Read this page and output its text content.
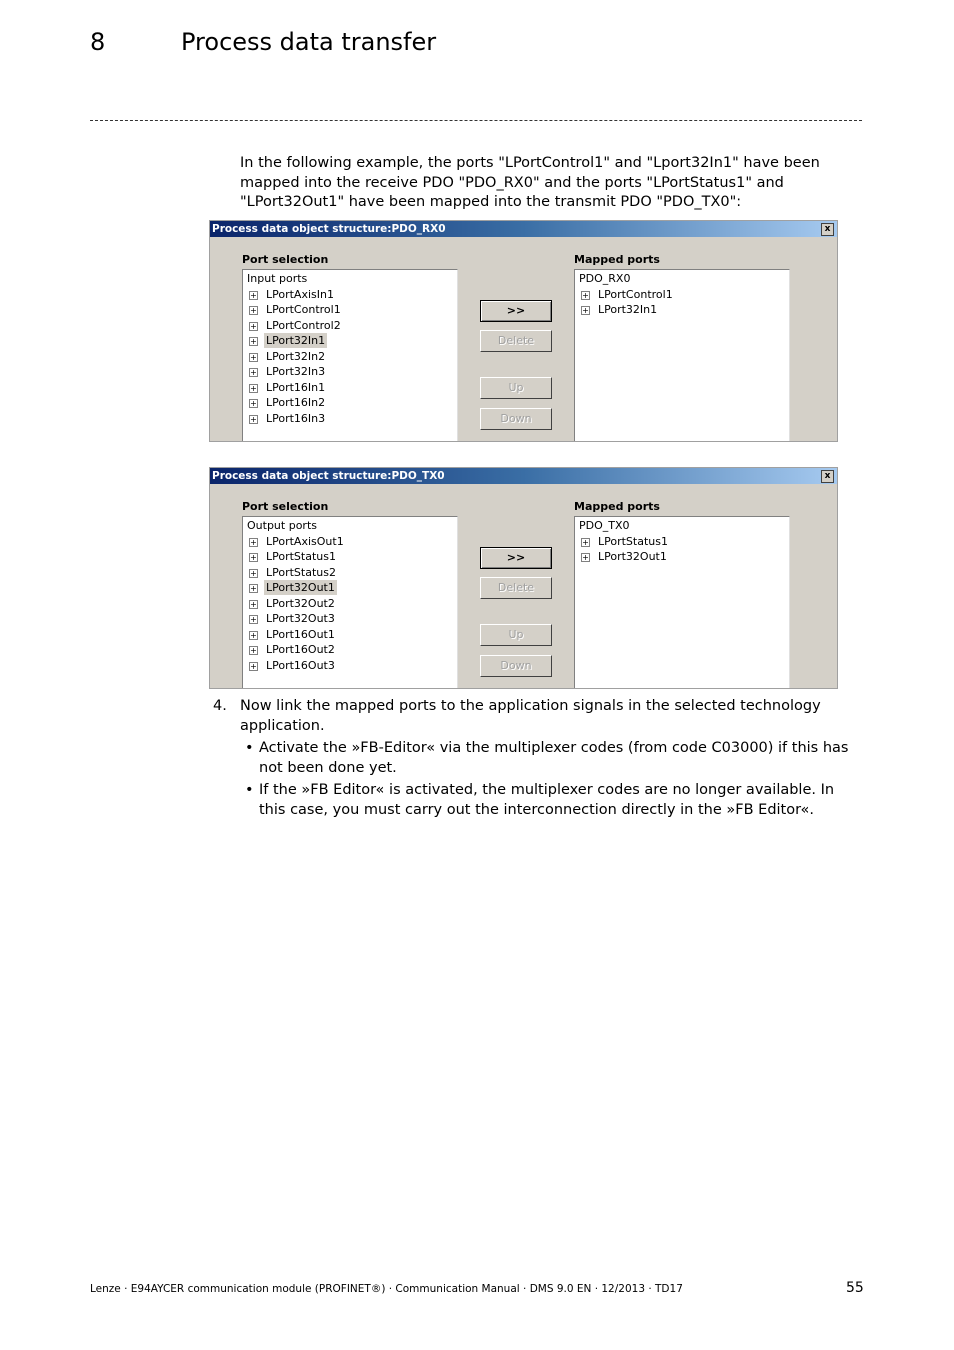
8	Process data transfer
In the following example, the ports "LPortControl1" and "Lport32In1" have been mapped into the receive PDO "PDO_RX0" and the ports "LPortStatus1" and "LPort32Out1" have been mapped into the transmit PDO "PDO_TX0":
Process data object structure:PDO_RX0	x
Port selection	Mapped ports
Input ports
+ LPortAxisIn1
+ LPortControl1
+ LPortControl2
+ LPort32In1
+ LPort32In2
+ LPort32In3
+ LPort16In1
+ LPort16In2
+ LPort16In3
>>
Delete
Up
Down
PDO_RX0
+ LPortControl1
+ LPort32In1
Process data object structure:PDO_TX0	x
Port selection	Mapped ports
Output ports
+ LPortAxisOut1
+ LPortStatus1
+ LPortStatus2
+ LPort32Out1
+ LPort32Out2
+ LPort32Out3
+ LPort16Out1
+ LPort16Out2
+ LPort16Out3
>>
Delete
Up
Down
PDO_TX0
+ LPortStatus1
+ LPort32Out1
4. Now link the mapped ports to the application signals in the selected technology application.
• Activate the »FB-Editor« via the multiplexer codes (from code C03000) if this has not been done yet.
• If the »FB Editor« is activated, the multiplexer codes are no longer available. In this case, you must carry out the interconnection directly in the »FB Editor«.
Lenze · E94AYCER communication module (PROFINET®) · Communication Manual · DMS 9.0 EN · 12/2013 · TD17	55
